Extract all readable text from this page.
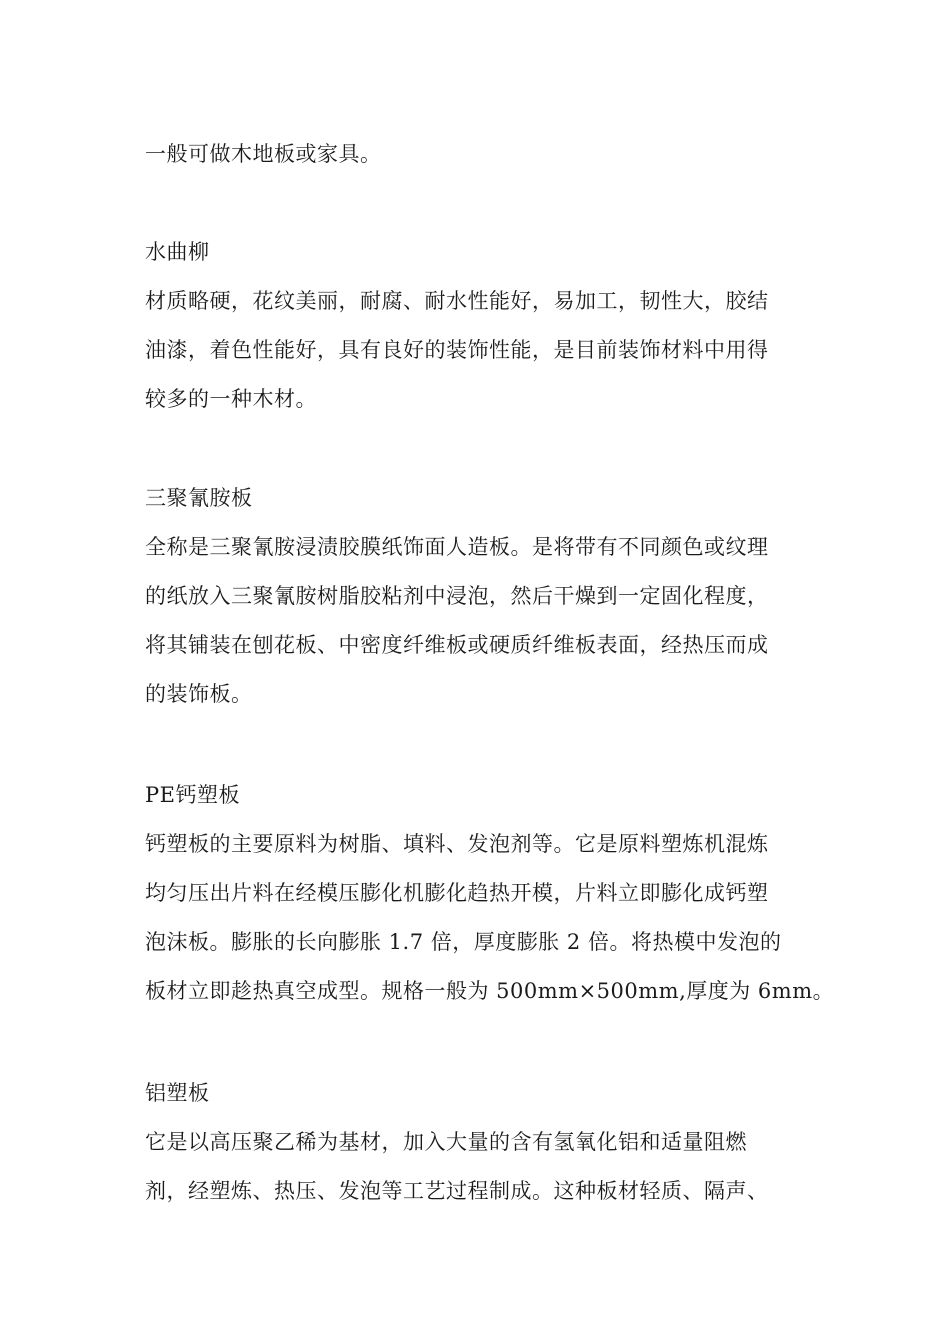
一般可做木地板或家具。
水曲柳
材质略硬，花纹美丽，耐腐、耐水性能好，易加工，韧性大，胶结
油漆，着色性能好，具有良好的装饰性能，是目前装饰材料中用得
较多的一种木材。
三聚氰胺板
全称是三聚氰胺浸渍胶膜纸饰面人造板。是将带有不同颜色或纹理
的纸放入三聚氰胺树脂胶粘剂中浸泡，然后干燥到一定固化程度，
将其铺装在刨花板、中密度纤维板或硬质纤维板表面，经热压而成
的装饰板。
PE钙塑板
钙塑板的主要原料为树脂、填料、发泡剂等。它是原料塑炼机混炼
均匀压出片料在经模压膨化机膨化趋热开模，片料立即膨化成钙塑
泡沫板。膨胀的长向膨胀 1.7 倍，厚度膨胀 2 倍。将热模中发泡的
板材立即趁热真空成型。规格一般为 500mm×500mm,厚度为 6mm。
铝塑板
它是以高压聚乙稀为基材，加入大量的含有氢氧化铝和适量阻燃
剂，经塑炼、热压、发泡等工艺过程制成。这种板材轻质、隔声、
